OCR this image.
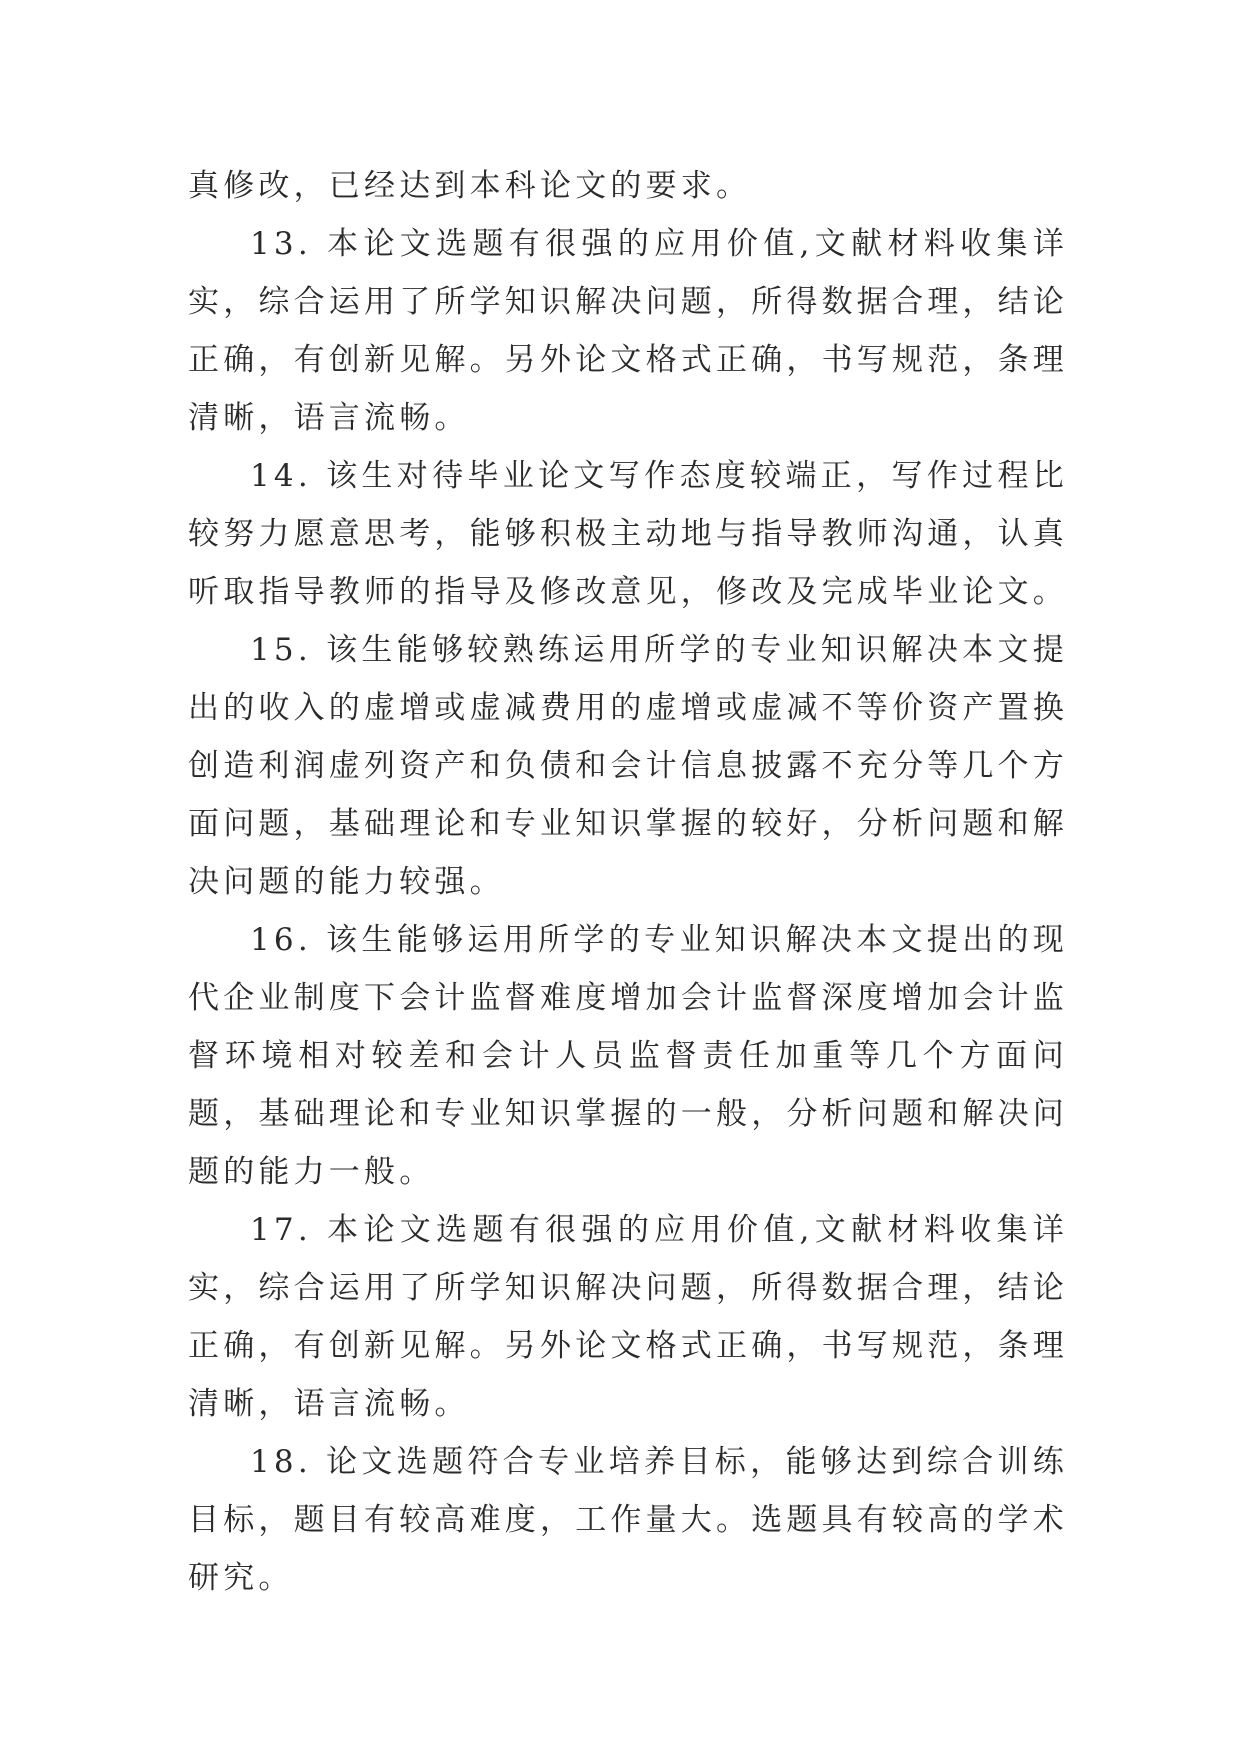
真修改，已经达到本科论文的要求。

13. 本论文选题有很强的应用价值,文献材料收集详实，综合运用了所学知识解决问题，所得数据合理，结论正确，有创新见解。另外论文格式正确，书写规范，条理清晰，语言流畅。

14. 该生对待毕业论文写作态度较端正，写作过程比较努力愿意思考，能够积极主动地与指导教师沟通，认真听取指导教师的指导及修改意见，修改及完成毕业论文。

15. 该生能够较熟练运用所学的专业知识解决本文提出的收入的虚增或虚减费用的虚增或虚减不等价资产置换创造利润虚列资产和负债和会计信息披露不充分等几个方面问题，基础理论和专业知识掌握的较好，分析问题和解决问题的能力较强。

16. 该生能够运用所学的专业知识解决本文提出的现代企业制度下会计监督难度增加会计监督深度增加会计监督环境相对较差和会计人员监督责任加重等几个方面问题，基础理论和专业知识掌握的一般，分析问题和解决问题的能力一般。

17. 本论文选题有很强的应用价值,文献材料收集详实，综合运用了所学知识解决问题，所得数据合理，结论正确，有创新见解。另外论文格式正确，书写规范，条理清晰，语言流畅。

18. 论文选题符合专业培养目标，能够达到综合训练目标，题目有较高难度，工作量大。选题具有较高的学术研究。
